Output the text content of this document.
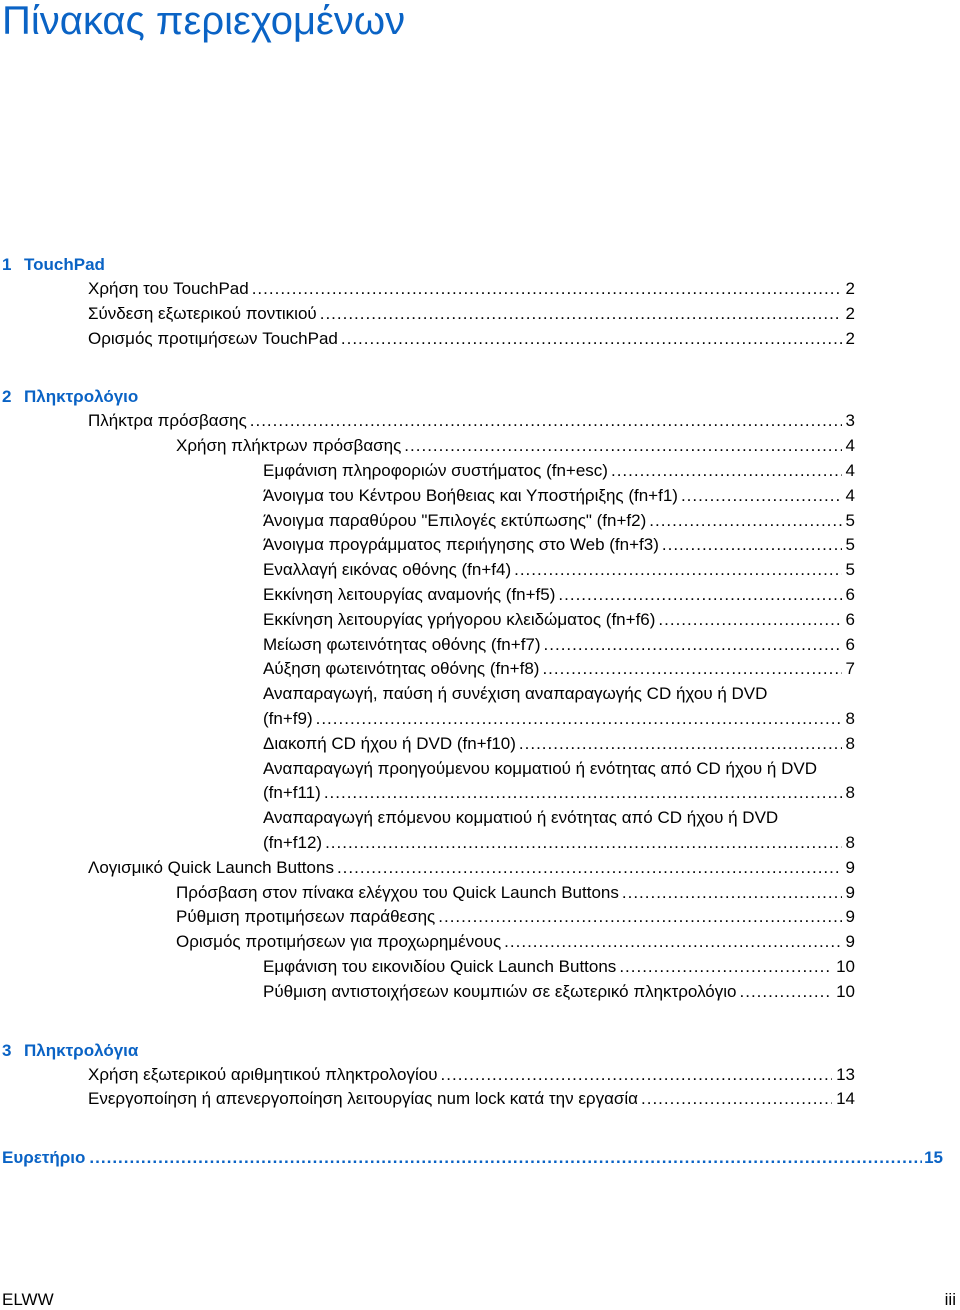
Πίνακας περιεχομένων
1 TouchPad
Χρήση του TouchPad .....	2
Σύνδεση εξωτερικού ποντικιού .....	2
Ορισμός προτιμήσεων TouchPad .....	2
2 Πληκτρολόγιο
Πλήκτρα πρόσβασης .....	3
Χρήση πλήκτρων πρόσβασης .....	4
Εμφάνιση πληροφοριών συστήματος (fn+esc) .....	4
Άνοιγμα του Κέντρου Βοήθειας και Υποστήριξης (fn+f1) .....	4
Άνοιγμα παραθύρου "Επιλογές εκτύπωσης" (fn+f2) .....	5
Άνοιγμα προγράμματος περιήγησης στο Web (fn+f3) .....	5
Εναλλαγή εικόνας οθόνης (fn+f4) .....	5
Εκκίνηση λειτουργίας αναμονής (fn+f5) .....	6
Εκκίνηση λειτουργίας γρήγορου κλειδώματος (fn+f6) .....	6
Μείωση φωτεινότητας οθόνης (fn+f7) .....	6
Αύξηση φωτεινότητας οθόνης (fn+f8) .....	7
Αναπαραγωγή, παύση ή συνέχιση αναπαραγωγής CD ήχου ή DVD
(fn+f9) .....	8
Διακοπή CD ήχου ή DVD (fn+f10) .....	8
Αναπαραγωγή προηγούμενου κομματιού ή ενότητας από CD ήχου ή DVD
(fn+f11) .....	8
Αναπαραγωγή επόμενου κομματιού ή ενότητας από CD ήχου ή DVD
(fn+f12) .....	8
Λογισμικό Quick Launch Buttons .....	9
Πρόσβαση στον πίνακα ελέγχου του Quick Launch Buttons .....	9
Ρύθμιση προτιμήσεων παράθεσης .....	9
Ορισμός προτιμήσεων για προχωρημένους .....	9
Εμφάνιση του εικονιδίου Quick Launch Buttons .....	10
Ρύθμιση αντιστοιχήσεων κουμπιών σε εξωτερικό πληκτρολόγιο .....	10
3 Πληκτρολόγια
Χρήση εξωτερικού αριθμητικού πληκτρολογίου .....	13
Ενεργοποίηση ή απενεργοποίηση λειτουργίας num lock κατά την εργασία .....	14
Ευρετήριο .....	15
ELWW	iii
